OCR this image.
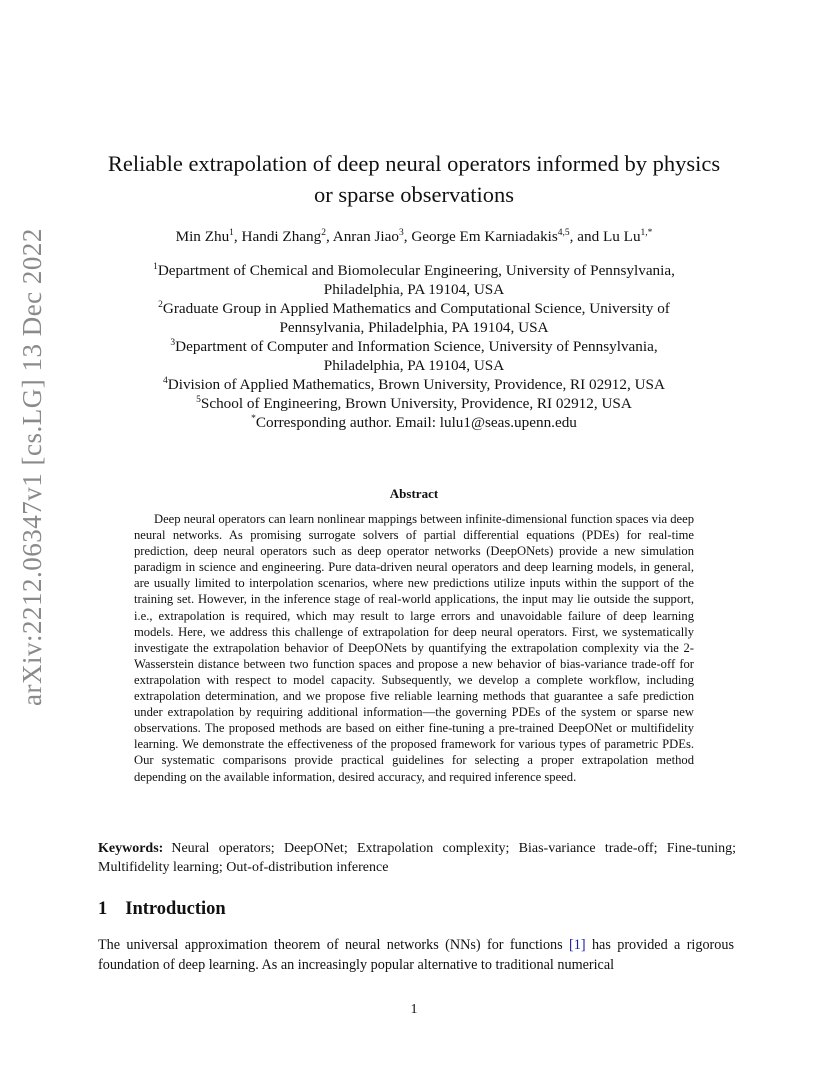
arXiv:2212.06347v1 [cs.LG] 13 Dec 2022
Reliable extrapolation of deep neural operators informed by physics
or sparse observations
Min Zhu$^1$, Handi Zhang$^2$, Anran Jiao$^3$, George Em Karniadakis$^{4,5}$, and Lu $Lu^{1,*}$
$^1$Department of Chemical and Biomolecular Engineering, University of Pennsylvania,
Philadelphia, PA 19104, USA
$^2$Graduate Group in Applied Mathematics and Computational Science, University of
Pennsylvania, Philadelphia, PA 19104, USA
$^3$Department of Computer and Information Science, University of Pennsylvania,
Philadelphia, PA 19104, USA
$^4$Division of Applied Mathematics, Brown University, Providence, RI 02912, USA
$^5$School of Engineering, Brown University, Providence, RI 02912, USA
*Corresponding author. Email: lulu1@seas.upenn.edu
Abstract
Deep neural operators can learn nonlinear mappings between infinite-dimensional function spaces via deep neural networks. As promising surrogate solvers of partial differential equations (PDEs) for real-time prediction, deep neural operators such as deep operator networks (DeepONets) provide a new simulation paradigm in science and engineering. Pure data-driven neural operators and deep learning models, in general, are usually limited to interpolation scenarios, where new predictions utilize inputs within the support of the training set. However, in the inference stage of real-world applications, the input may lie outside the support, i.e., extrapolation is required, which may result to large errors and unavoidable failure of deep learning models. Here, we address this challenge of extrapolation for deep neural operators. First, we systematically investigate the extrapolation behavior of DeepONets by quantifying the extrapolation complexity via the 2-Wasserstein distance between two function spaces and propose a new behavior of bias-variance trade-off for extrapolation with respect to model capacity. Subsequently, we develop a complete workflow, including extrapolation determination, and we propose five reliable learning methods that guarantee a safe prediction under extrapolation by requiring additional information—the governing PDEs of the system or sparse new observations. The proposed methods are based on either fine-tuning a pre-trained DeepONet or multifidelity learning. We demonstrate the effectiveness of the proposed framework for various types of parametric PDEs. Our systematic comparisons provide practical guidelines for selecting a proper extrapolation method depending on the available information, desired accuracy, and required inference speed.
Keywords: Neural operators; DeepONet; Extrapolation complexity; Bias-variance trade-off; Fine-tuning; Multifidelity learning; Out-of-distribution inference
1 Introduction
The universal approximation theorem of neural networks (NNs) for functions [1] has provided a rigorous foundation of deep learning. As an increasingly popular alternative to traditional numerical
1
